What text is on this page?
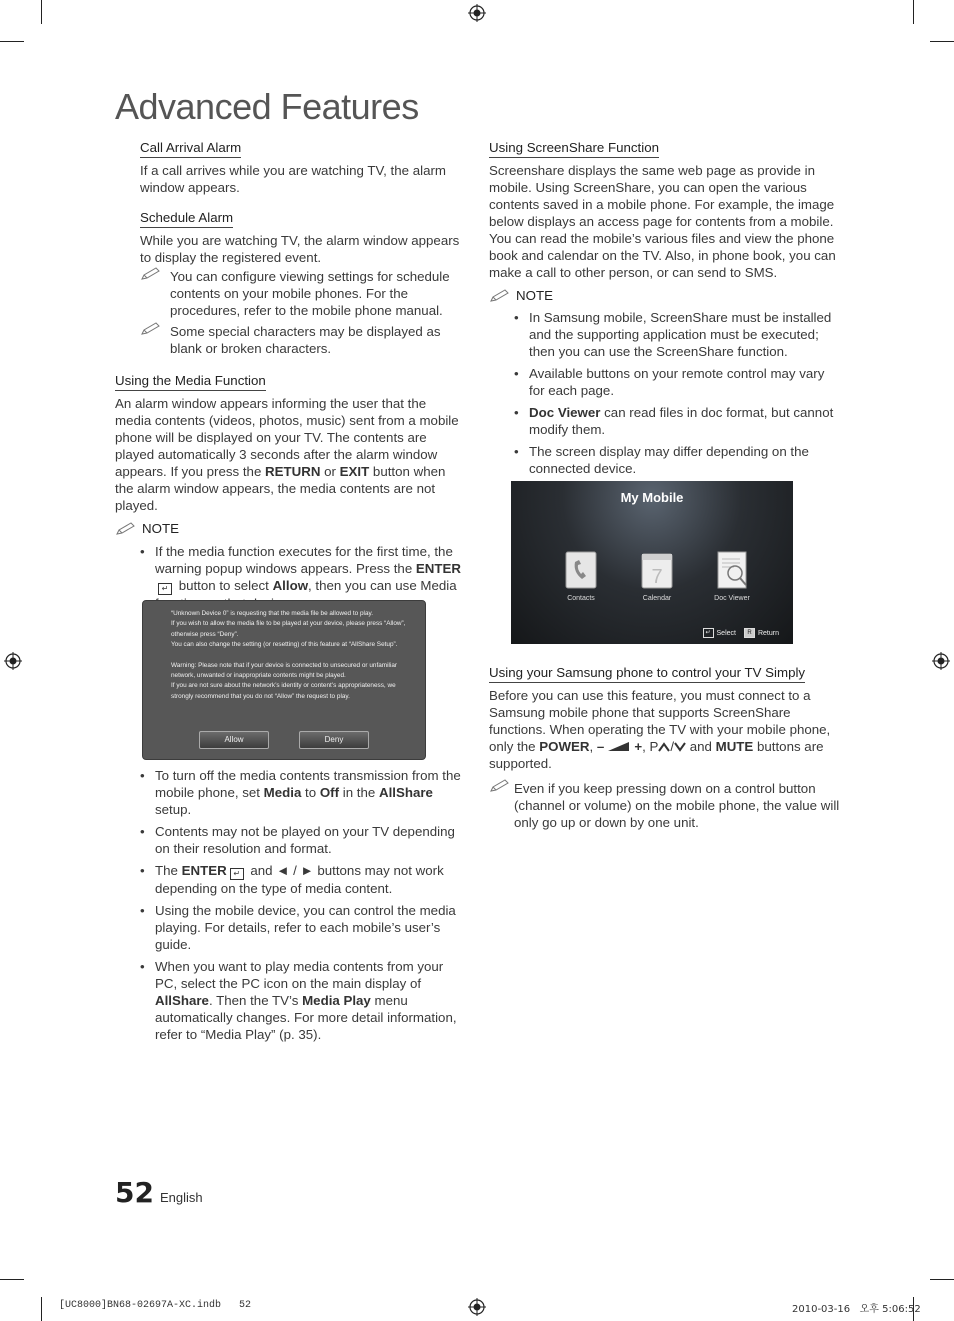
Advanced Features
Call Arrival Alarm

If a call arrives while you are watching TV, the alarm window appears.

Schedule Alarm

While you are watching TV, the alarm window appears to display the registered event.

You can configure viewing settings for schedule contents on your mobile phones. For the procedures, refer to the mobile phone manual.

Some special characters may be displayed as blank or broken characters.

Using the Media Function

An alarm window appears informing the user that the media contents (videos, photos, music) sent from a mobile phone will be displayed on your TV. The contents are played automatically 3 seconds after the alarm window appears. If you press the RETURN or EXIT button when the alarm window appears, the media contents are not played.

NOTE
• If the media function executes for the first time, the warning popup windows appears. Press the ENTER↵ button to select Allow, then you can use Media
“Unknown Device 0” is requesting that the media file be allowed to play.
If you wish to allow the media file to be played at your device, please press “Allow”, otherwise press “Deny”.
You can also change the setting (or resetting) of this feature at “AllShare Setup”.
Warning: Please note that if your device is connected to unsecured or unfamiliar network, unwanted or inappropriate contents might be played.
If you are not sure about the network’s identity or content’s appropriateness, we strongly recommend that you do not “Allow” the request to play.
Allow	Deny
• To turn off the media contents transmission from the mobile phone, set Media to Off in the AllShare setup.
• Contents may not be played on your TV depending on their resolution and format.
• The ENTER ↵ and ◄ / ► buttons may not work depending on the type of media content.
• Using the mobile device, you can control the media playing. For details, refer to each mobile’s user’s guide.
• When you want to play media contents from your PC, select the PC icon on the main display of AllShare. Then the TV’s Media Play menu automatically changes. For more detail information, refer to “Media Play” (p. 35).
Using ScreenShare Function

Screenshare displays the same web page as provide in mobile. Using ScreenShare, you can open the various contents saved in a mobile phone. For example, the image below displays an access page for contents from a mobile. You can read the mobile’s various files and view the phone book and calendar on the TV. Also, in phone book, you can make a call to other person, or can send to SMS.

NOTE
• In Samsung mobile, ScreenShare must be installed and the supporting application must be executed; then you can use the ScreenShare function.
• Available buttons on your remote control may vary for each page.
• Doc Viewer can read files in doc format, but cannot modify them.
• The screen display may differ depending on the connected device.
My Mobile
7
Contacts	Calendar	Doc Viewer
↵ Select	R Return
Using your Samsung phone to control your TV Simply

Before you can use this feature, you must connect to a Samsung mobile phone that supports ScreenShare functions. When operating the TV with your mobile phone, only the POWER, – +, P / and MUTE buttons are supported.

Even if you keep pressing down on a control button (channel or volume) on the mobile phone, the value will only go up or down by one unit.

52 English
[UC8000]BN68-02697A-XC.indb   52	2010-03-16   오후 5:06:52
